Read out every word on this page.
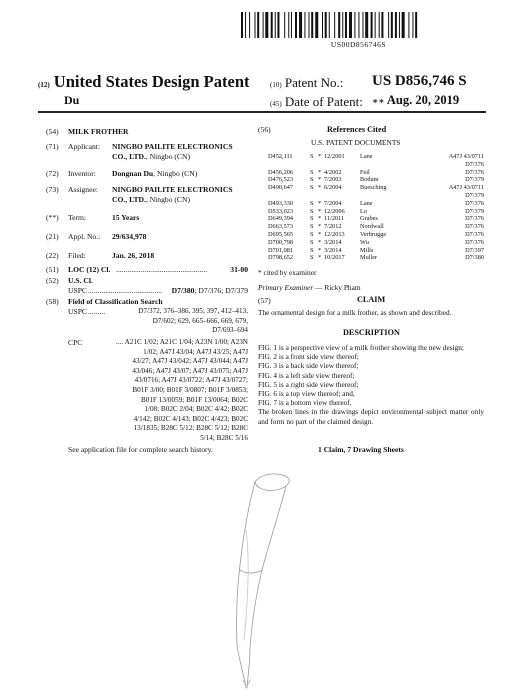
US00D856746S
(12) United States Design Patent
Du
(10) Patent No.: US D856,746 S
(45) Date of Patent: ∗∗ Aug. 20, 2019
(54)	MILK FROTHER
(71)	Applicant: NINGBO PAILITE ELECTRONICS
CO., LTD., Ningbo (CN)
(72)	Inventor: Dongnan Du, Ningbo (CN)
(73)	Assignee: NINGBO PAILITE ELECTRONICS
CO., LTD., Ningbo (CN)
(**)	Term:	15 Years
(21)	Appl. No.: 29/634,978
(22)	Filed:	Jan. 26, 2018
(51)	LOC (12) Cl. ................................................	31-00
(52)	U.S. Cl.
USPC .......................................	D7/380; D7/376; D7/379
(58)	Field of Classification Search
USPC .........	D7/372, 376–386, 395; 397, 412–413,
D7/602; 629, 665–666, 669, 679,
D7/693–694
CPC	.... A21C 1/02; A21C 1/04; A23N 1/00; A23N
1/02; A47J 43/04; A47J 43/25; A47J
43/27; A47J 43/042; A47J 43/044; A47J
43/046; A47J 43/07; A47J 43/075; A47J
43/0716; A47J 43/0722; A47J 43/0727;
B01F 3/00; B01F 3/0807; B01F 3/0853;
B01F 13/0059; B01F 13/0064; B02C
1/08; B02C 2/04; B02C 4/42; B02C
4/142; B02C 4/143; B02C 4/423; B02C
13/1835; B28C 5/12; B28C 5/12; B28C
5/14; B28C 5/16
See application file for complete search history.
(56)	References Cited
U.S. PATENT DOCUMENTS
D452,111	S * 12/2001 Lane	A47J 43/0711
D7/376
D456,206	S * 4/2002	Feil	D7/376
D476,523	S * 7/2003	Bodum	D7/379
D490,647	S * 6/2004	Buesching	A47J 43/0711
D7/379
D493,330	S * 7/2004	Lane	D7/376
D533,023	S * 12/2006 Lo	D7/379
D649,394	S * 11/2011	Grabes	D7/376
D663,573	S * 7/2012	Nordwall	D7/376
D695,565	S * 12/2013 Verbrugge	D7/376
D700,798	S * 3/2014	Wu	D7/376
D701,081	S * 3/2014	Mills	D7/397
D798,652	S * 10/2017 Muller	D7/380
* cited by examiner
Primary Examiner — Ricky Pham
(57)	CLAIM
The ornamental design for a milk frother, as shown and described.
DESCRIPTION
FIG. 1 is a perspective view of a milk frother showing the new design;
FIG. 2 is a front side view thereof;
FIG. 3 is a back side view thereof;
FIG. 4 is a left side view thereof;
FIG. 5 is a right side view thereof;
FIG. 6 is a top view thereof; and,
FIG. 7 is a bottom view thereof.
The broken lines in the drawings depict environmental subject matter only and form no part of the claimed design.
1 Claim, 7 Drawing Sheets
